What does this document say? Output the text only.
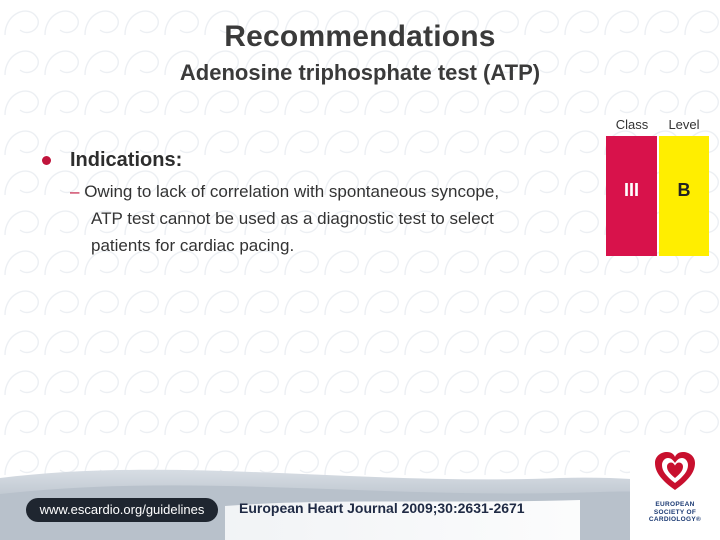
Recommendations
Adenosine triphosphate test (ATP)
Class	Level
III	B
Indications:
– Owing to lack of correlation with spontaneous syncope,
ATP test cannot be used as a diagnostic test to select
patients for cardiac pacing.
www.escardio.org/guidelines	European Heart Journal 2009;30:2631-2671	EUROPEAN
SOCIETY OF
CARDIOLOGY®
